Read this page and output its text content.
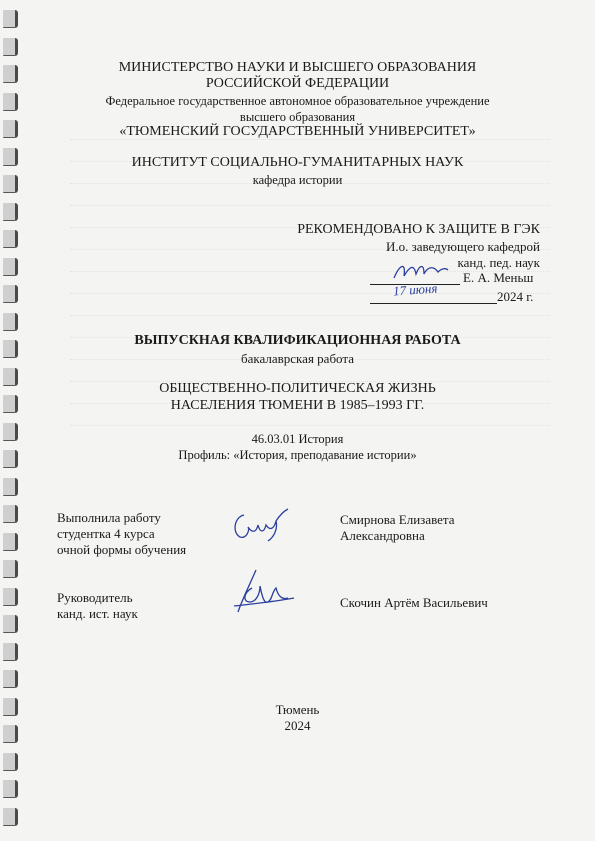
МИНИСТЕРСТВО НАУКИ И ВЫСШЕГО ОБРАЗОВАНИЯ
РОССИЙСКОЙ ФЕДЕРАЦИИ
Федеральное государственное автономное образовательное учреждение
высшего образования
«ТЮМЕНСКИЙ ГОСУДАРСТВЕННЫЙ УНИВЕРСИТЕТ»
ИНСТИТУТ СОЦИАЛЬНО-ГУМАНИТАРНЫХ НАУК
кафедра истории
РЕКОМЕНДОВАНО К ЗАЩИТЕ В ГЭК
И.о. заведующего кафедрой
канд. пед. наук
Е. А. Меньш
17 июня	2024 г.
ВЫПУСКНАЯ КВАЛИФИКАЦИОННАЯ РАБОТА
бакалаврская работа
ОБЩЕСТВЕННО-ПОЛИТИЧЕСКАЯ ЖИЗНЬ
НАСЕЛЕНИЯ ТЮМЕНИ В 1985–1993 ГГ.
46.03.01 История
Профиль: «История, преподавание истории»
Выполнила работу
студентка 4 курса
очной формы обучения
Смирнова Елизавета
Александровна
Руководитель
канд. ист. наук
Скочин Артём Васильевич
Тюмень
2024
